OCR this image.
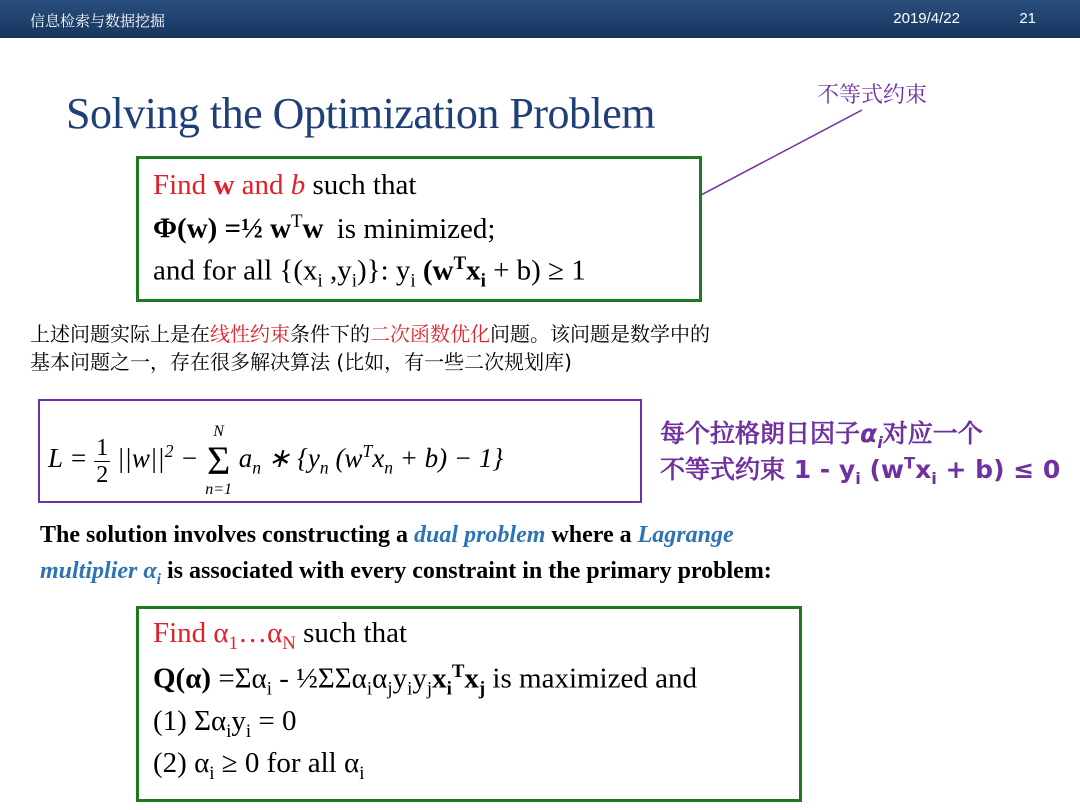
信息检索与数据挖掘	2019/4/22	21
Solving the Optimization Problem	不等式约束
Find w and b such that
Φ(w) =½ $w^Tw$ is minimized;
and for all {($x_i$ $,y_i$)}: $y_i$ $(w^Tx_i + b) \ge 1$
上述问题实际上是在线性约束条件下的二次函数优化问题。该问题是数学中的
基本问题之一，存在很多解决算法 (比如，有一些二次规划库)
$L = \frac{1}{2} ||w||^2$ −
N
Σ
n=1
$a_n$ ∗ {$y_n$ $(w^Tx_n + b) - 1$}
每个拉格朗日因子$\alpha_i$对应一个
不等式约束 $1 - y_i$ $(w^Tx_i + b) \le 0$
The solution involves constructing a dual problem where a Lagrange
multiplier $\alpha_i$ is associated with every constraint in the primary problem:
Find $\alpha_1\dots\alpha_N$ such that
$Q(\alpha) =\Sigma\alpha_i$ - $\frac{1}{2}\Sigma\Sigma\alpha_i\alpha_jy_iy_jx_i^Tx_j$ is maximized and
(1) $\Sigma\alpha_iy_i = 0$
(2) $\alpha_i \ge 0$ for all $\alpha_i$
